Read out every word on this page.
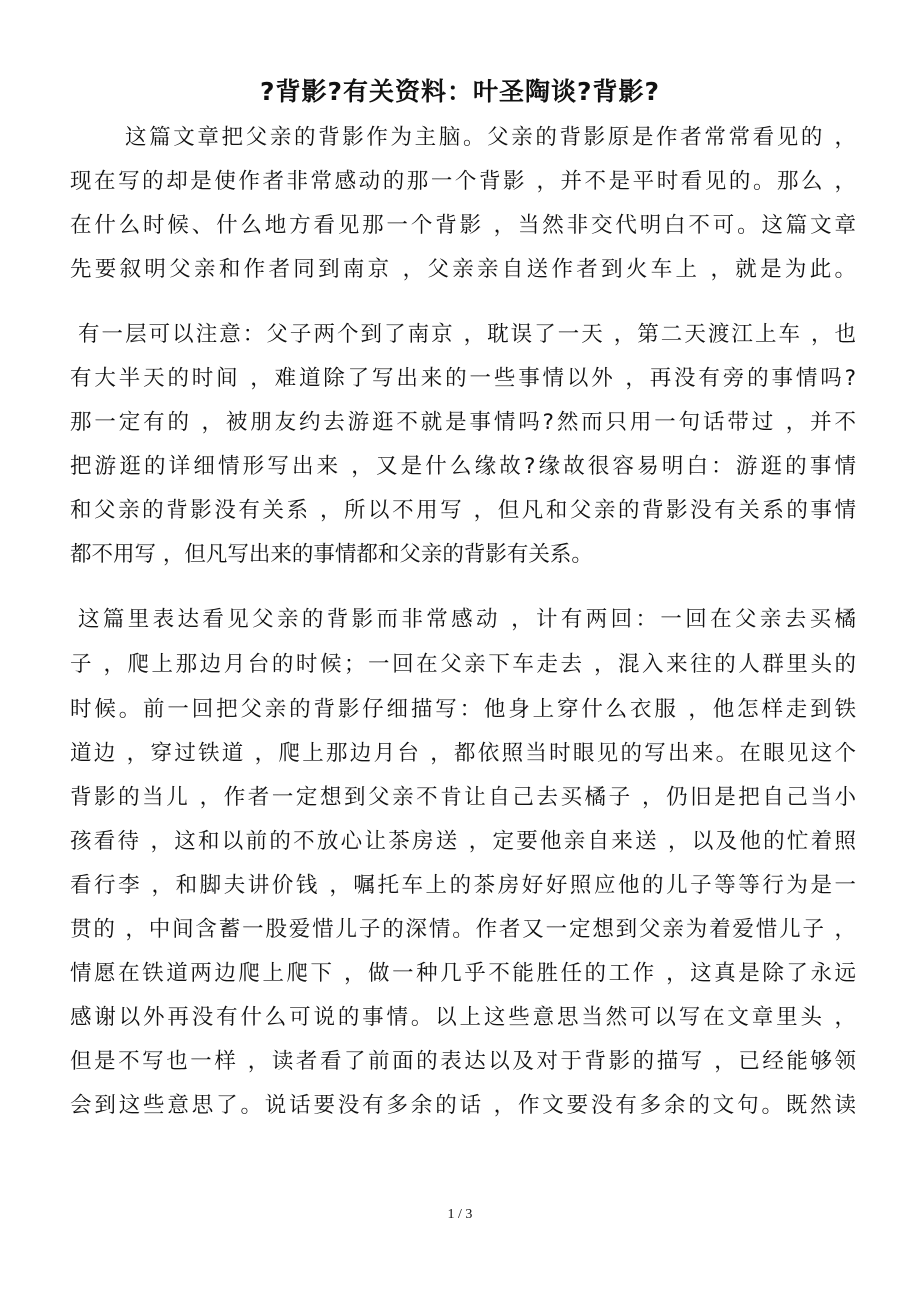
?背影?有关资料：叶圣陶谈?背影?
这篇文章把父亲的背影作为主脑。父亲的背影原是作者常常看见的 ，
现在写的却是使作者非常感动的那一个背影 ，并不是平时看见的。那么 ，
在什么时候、什么地方看见那一个背影 ，当然非交代明白不可。这篇文章
先要叙明父亲和作者同到南京 ，父亲亲自送作者到火车上 ，就是为此。
有一层可以注意：父子两个到了南京 ，耽误了一天 ，第二天渡江上车 ，也
有大半天的时间 ，难道除了写出来的一些事情以外 ，再没有旁的事情吗?
那一定有的 ，被朋友约去游逛不就是事情吗?然而只用一句话带过 ，并不
把游逛的详细情形写出来 ，又是什么缘故?缘故很容易明白：游逛的事情
和父亲的背影没有关系 ，所以不用写 ，但凡和父亲的背影没有关系的事情
都不用写 ，但凡写出来的事情都和父亲的背影有关系。
这篇里表达看见父亲的背影而非常感动 ，计有两回：一回在父亲去买橘
子 ，爬上那边月台的时候；一回在父亲下车走去 ，混入来往的人群里头的
时候。前一回把父亲的背影仔细描写：他身上穿什么衣服 ，他怎样走到铁
道边 ，穿过铁道 ，爬上那边月台 ，都依照当时眼见的写出来。在眼见这个
背影的当儿 ，作者一定想到父亲不肯让自己去买橘子 ，仍旧是把自己当小
孩看待 ，这和以前的不放心让茶房送 ，定要他亲自来送 ，以及他的忙着照
看行李 ，和脚夫讲价钱 ，嘱托车上的茶房好好照应他的儿子等等行为是一
贯的 ，中间含蓄一股爱惜儿子的深情。作者又一定想到父亲为着爱惜儿子 ，
情愿在铁道两边爬上爬下 ，做一种几乎不能胜任的工作 ，这真是除了永远
感谢以外再没有什么可说的事情。以上这些意思当然可以写在文章里头 ，
但是不写也一样 ，读者看了前面的表达以及对于背影的描写 ，已经能够领
会到这些意思了。说话要没有多余的话 ，作文要没有多余的文句。既然读
1 / 3
